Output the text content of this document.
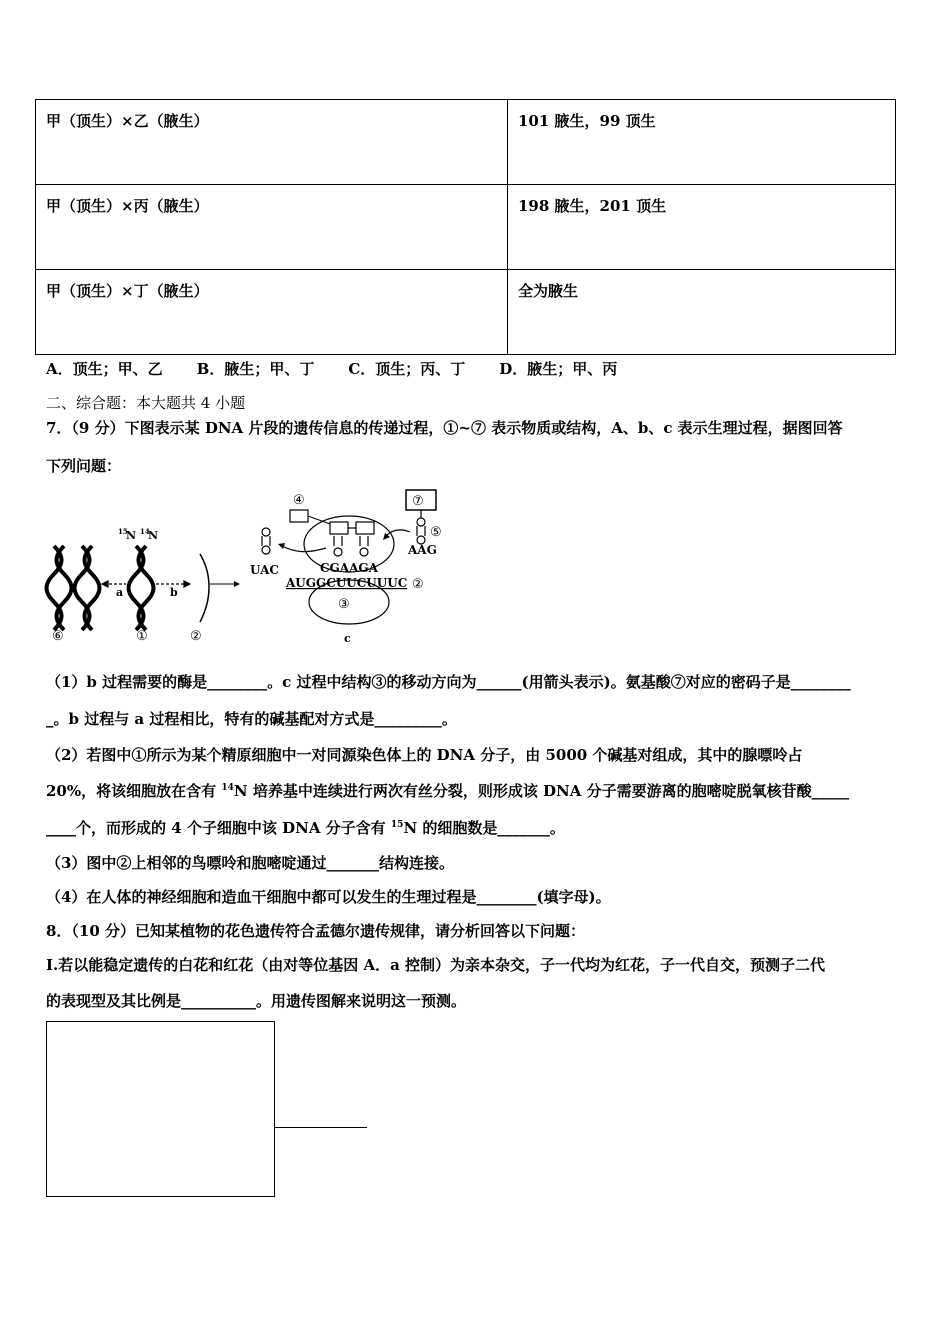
甲（顶生）×乙（腋生）	101 腋生，99 顶生
甲（顶生）×丙（腋生）	198 腋生，201 顶生
甲（顶生）×丁（腋生）	全为腋生
A．顶生；甲、乙 B．腋生；甲、丁 C．顶生；丙、丁 D．腋生；甲、丙
二、综合题：本大题共 4 小题
7．（9 分）下图表示某 DNA 片段的遗传信息的传递过程，①~⑦ 表示物质或结构，A、b、c 表示生理过程，据图回答
下列问题：
15
N 14
N
a	b
⑥	①	②
③
c
CGAAGA
AUGGCUUCUUUC ②
UAC
④	⑦
⑤
AAG
（1）b 过程需要的酶是________。c 过程中结构③的移动方向为______(用箭头表示)。氨基酸⑦对应的密码子是________
_。b 过程与 a 过程相比，特有的碱基配对方式是_________。
（2）若图中①所示为某个精原细胞中一对同源染色体上的 DNA 分子，由 5000 个碱基对组成，其中的腺嘌呤占
20%，将该细胞放在含有 $^{14}$N 培养基中连续进行两次有丝分裂，则形成该 DNA 分子需要游离的胞嘧啶脱氧核苷酸_____
____个，而形成的 4 个子细胞中该 DNA 分子含有 $^{15}$N 的细胞数是_______。
（3）图中②上相邻的鸟嘌呤和胞嘧啶通过_______结构连接。
（4）在人体的神经细胞和造血干细胞中都可以发生的生理过程是________(填字母)。
8．（10 分）已知某植物的花色遗传符合孟德尔遗传规律，请分析回答以下问题：
I.若以能稳定遗传的白花和红花（由对等位基因 A．a 控制）为亲本杂交，子一代均为红花，子一代自交，预测子二代
的表现型及其比例是__________。用遗传图解来说明这一预测。
